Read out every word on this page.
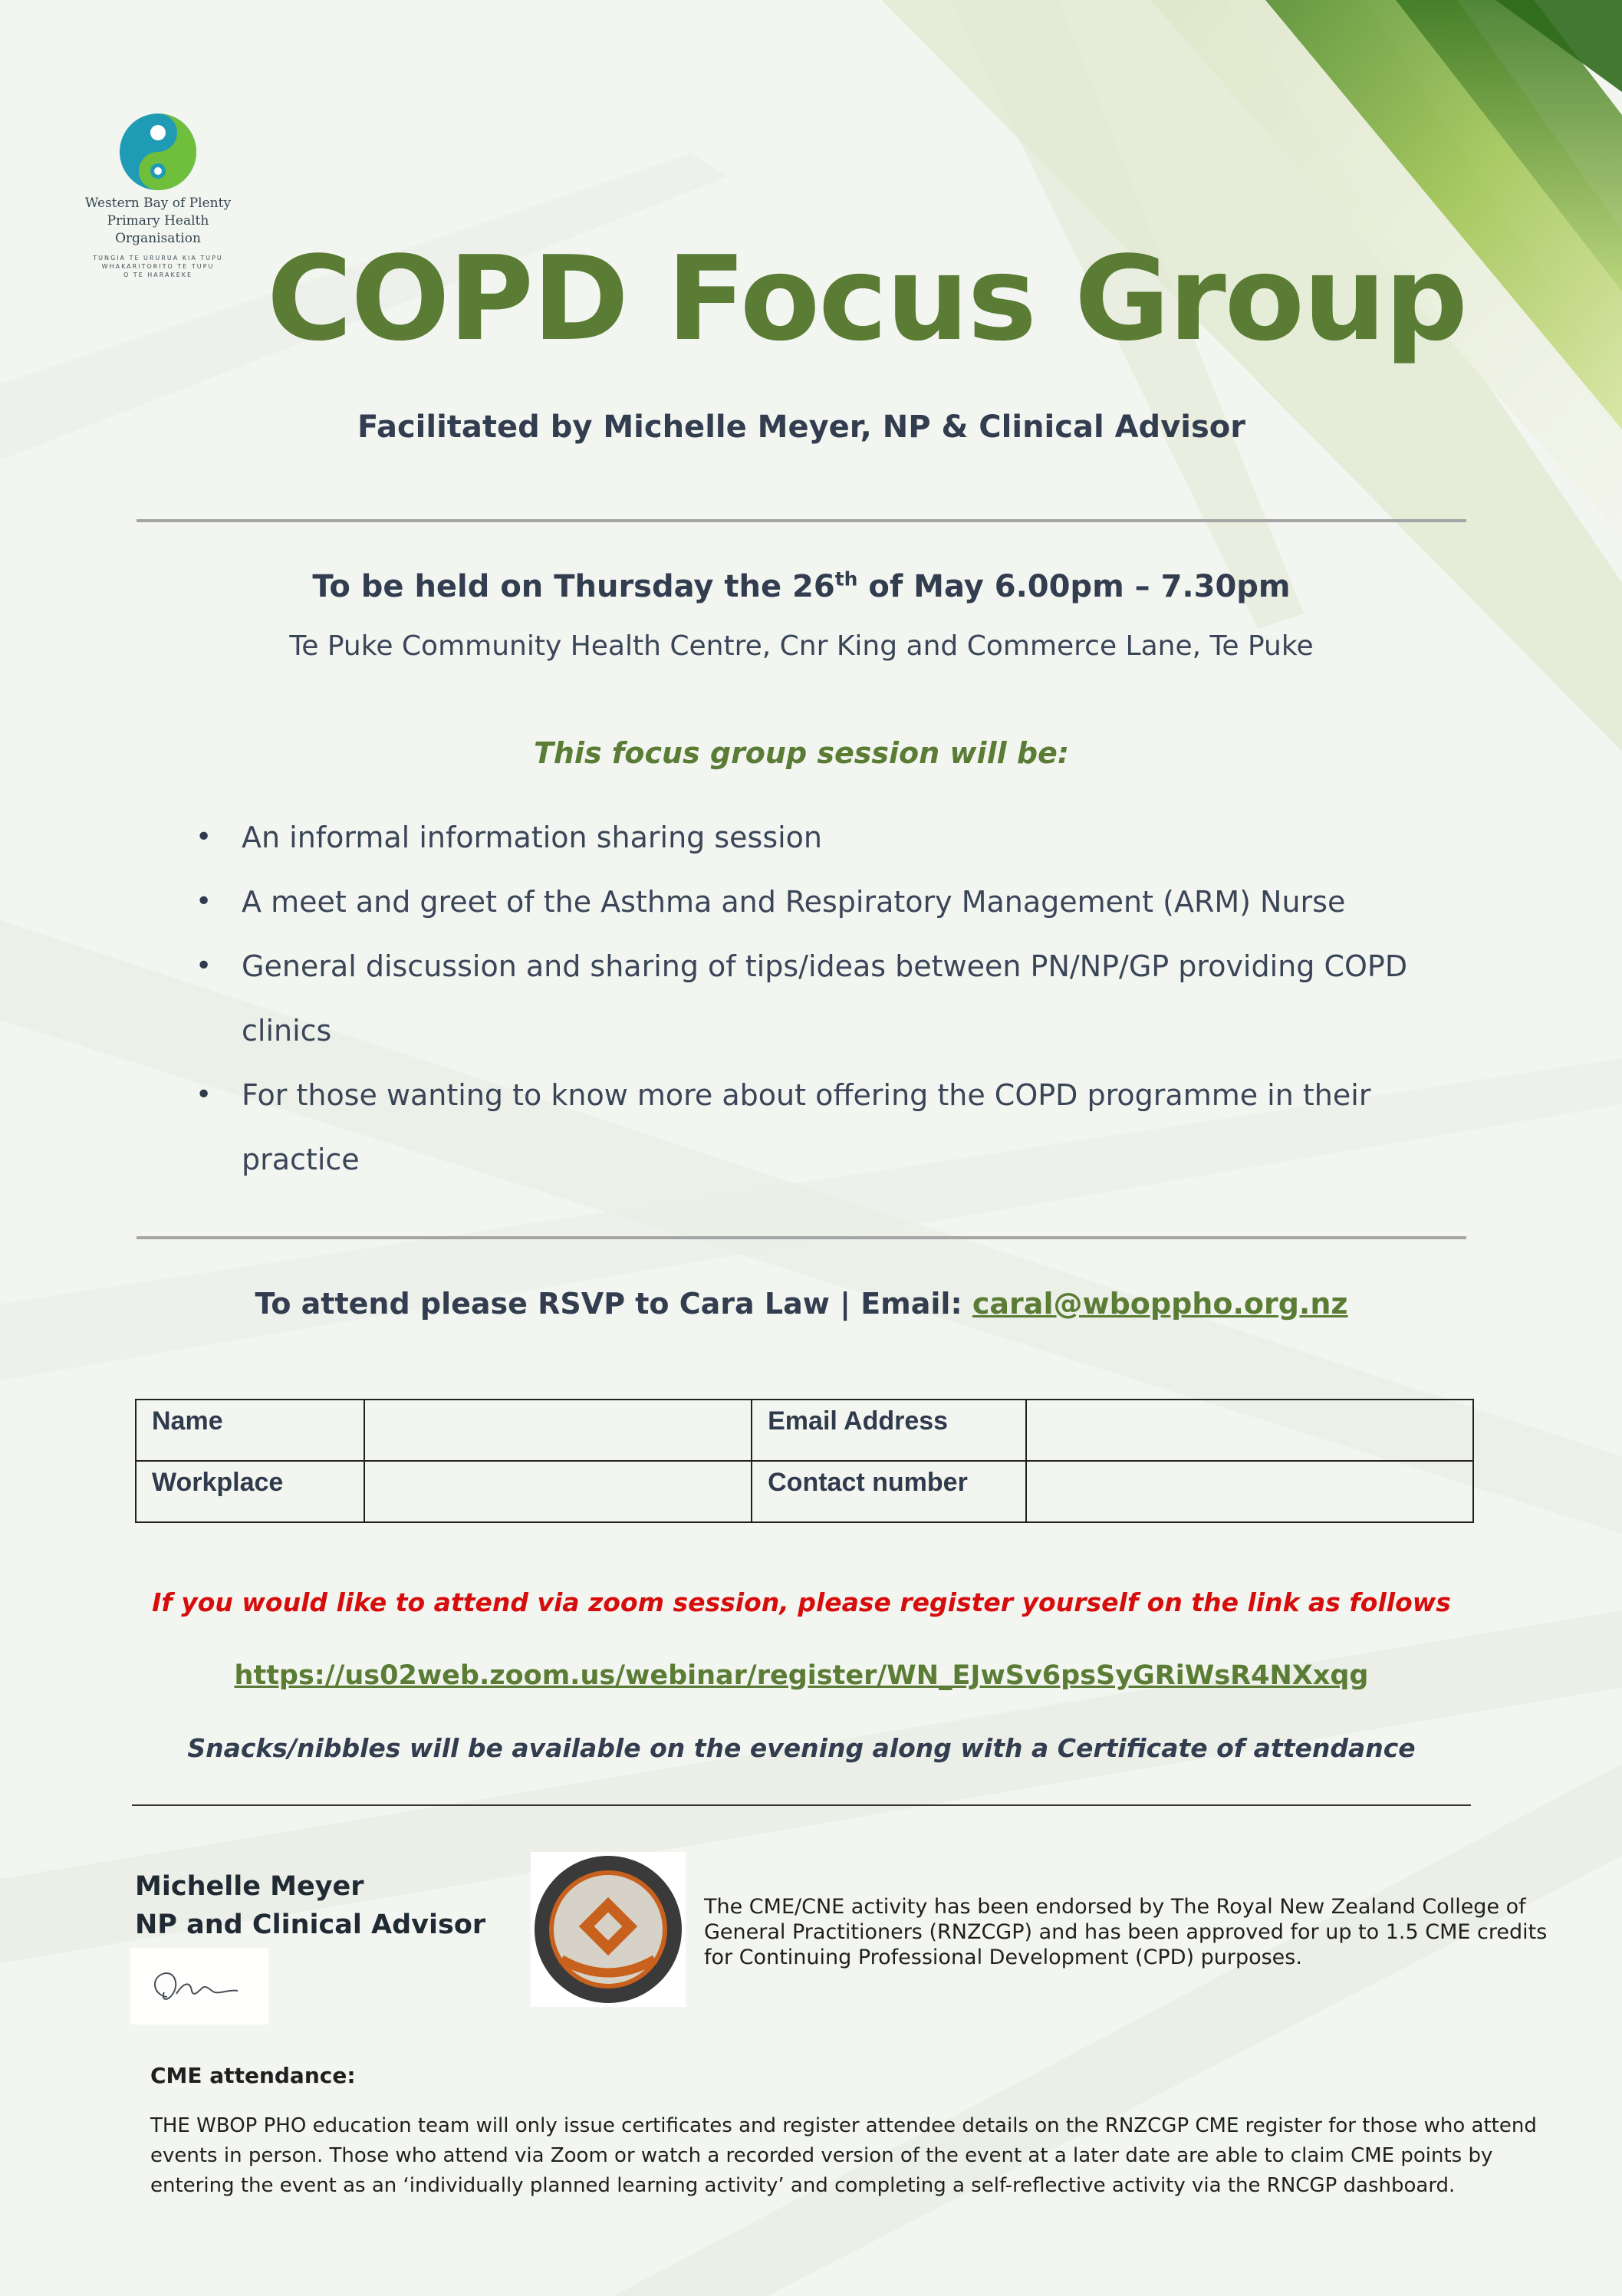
Western Bay of Plenty
Primary Health Organisation
TUNGIA TE URURUA KIA TUPU
WHAKARITORITO TE TUPU
O TE HARAKEKE COPD Focus Group
Facilitated by Michelle Meyer, NP & Clinical Advisor
To be held on Thursday the 26th of May 6.00pm – 7.30pm
Te Puke Community Health Centre, Cnr King and Commerce Lane, Te Puke
This focus group session will be:
• An informal information sharing session
• A meet and greet of the Asthma and Respiratory Management (ARM) Nurse
• General discussion and sharing of tips/ideas between PN/NP/GP providing COPD clinics
• For those wanting to know more about offering the COPD programme in their practice
To attend please RSVP to Cara Law | Email: caral@wboppho.org.nz
Name		Email Address	
Workplace		Contact number	
If you would like to attend via zoom session, please register yourself on the link as follows
https://us02web.zoom.us/webinar/register/WN_EJwSv6psSyGRiWsR4NXxqg
Snacks/nibbles will be available on the evening along with a Certificate of attendance
Michelle Meyer
NP and Clinical Advisor
The CME/CNE activity has been endorsed by The Royal New Zealand College of General Practitioners (RNZCGP) and has been approved for up to 1.5 CME credits for Continuing Professional Development (CPD) purposes.
CME attendance:
THE WBOP PHO education team will only issue certificates and register attendee details on the RNZCGP CME register for those who attend events in person. Those who attend via Zoom or watch a recorded version of the event at a later date are able to claim CME points by entering the event as an ‘individually planned learning activity’ and completing a self-reflective activity via the RNCGP dashboard.
